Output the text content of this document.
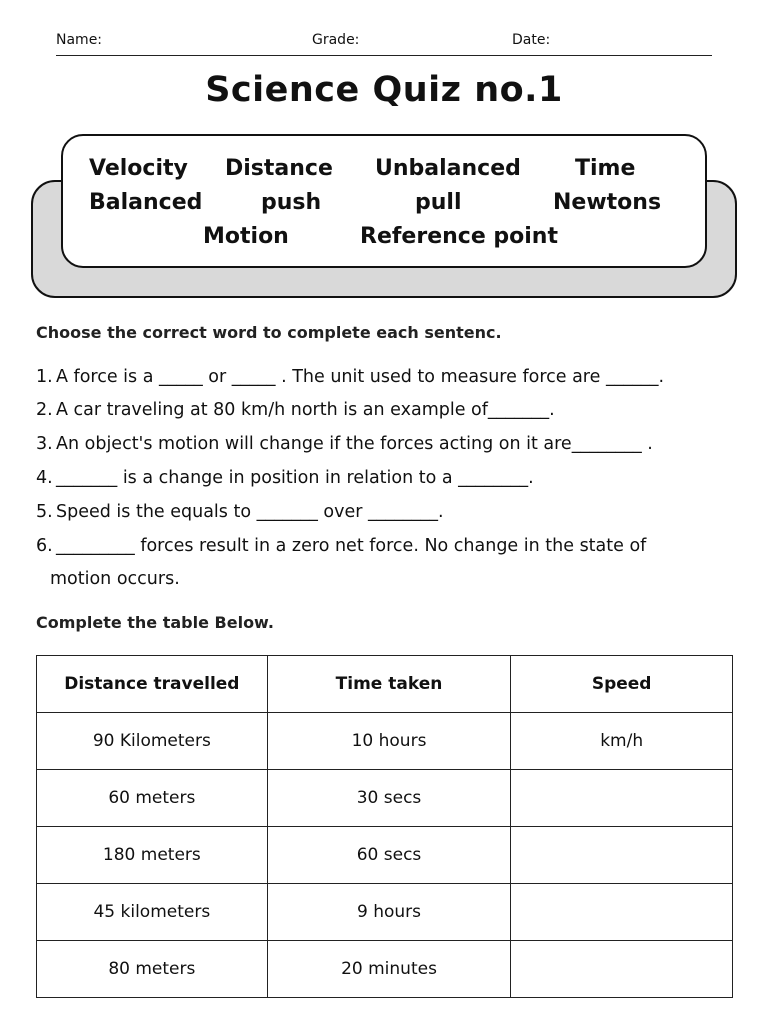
Name:	Grade:	Date:
Science Quiz no.1
Velocity Distance Unbalanced Time
Balanced	push	pull	Newtons
Motion	Reference point
Choose the correct word to complete each sentenc.
1. A force is a _____ or _____ . The unit used to measure force are ______.
2. A car traveling at 80 km/h north is an example of_______.
3. An object's motion will change if the forces acting on it are________ .
4. _______ is a change in position in relation to a ________.
5. Speed is the equals to _______ over ________.
6. _________ forces result in a zero net force. No change in the state of
motion occurs.
Complete the table Below.
Distance travelled	Time taken	Speed
90 Kilometers	10 hours	km/h
60 meters	30 secs	
180 meters	60 secs	
45 kilometers	9 hours	
80 meters	20 minutes	
